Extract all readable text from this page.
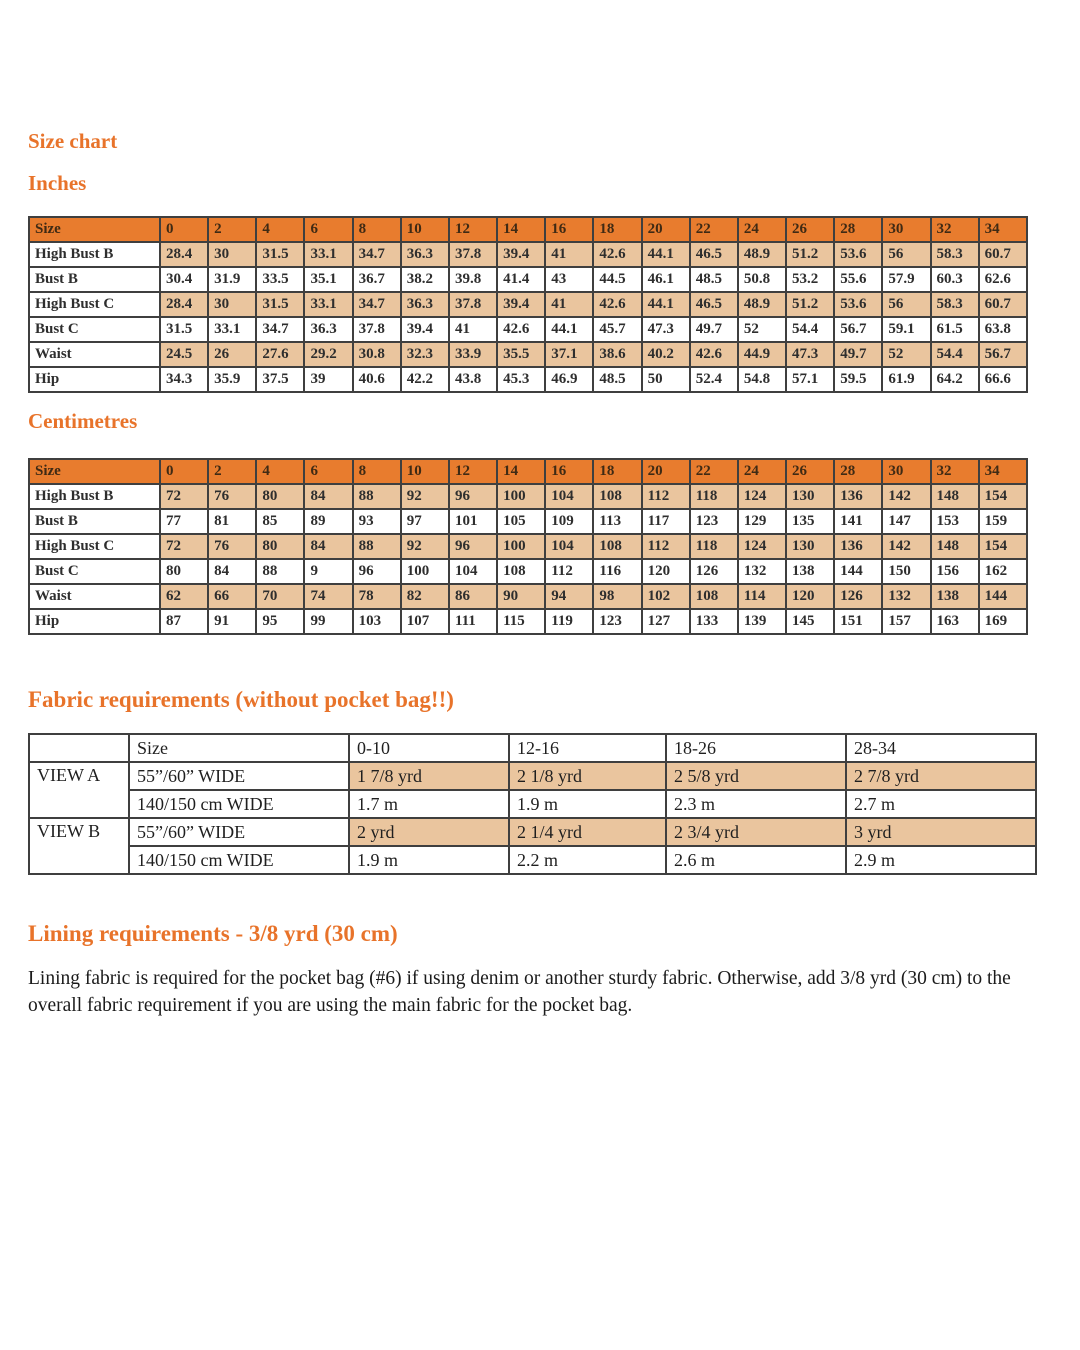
Size chart
Inches
Size	0	2	4	6	8	10	12	14	16	18	20	22	24	26	28	30	32	34
High Bust B	28.4	30	31.5	33.1	34.7	36.3	37.8	39.4	41	42.6	44.1	46.5	48.9	51.2	53.6	56	58.3	60.7
Bust B	30.4	31.9	33.5	35.1	36.7	38.2	39.8	41.4	43	44.5	46.1	48.5	50.8	53.2	55.6	57.9	60.3	62.6
High Bust C	28.4	30	31.5	33.1	34.7	36.3	37.8	39.4	41	42.6	44.1	46.5	48.9	51.2	53.6	56	58.3	60.7
Bust C	31.5	33.1	34.7	36.3	37.8	39.4	41	42.6	44.1	45.7	47.3	49.7	52	54.4	56.7	59.1	61.5	63.8
Waist	24.5	26	27.6	29.2	30.8	32.3	33.9	35.5	37.1	38.6	40.2	42.6	44.9	47.3	49.7	52	54.4	56.7
Hip	34.3	35.9	37.5	39	40.6	42.2	43.8	45.3	46.9	48.5	50	52.4	54.8	57.1	59.5	61.9	64.2	66.6
Centimetres
Size	0	2	4	6	8	10	12	14	16	18	20	22	24	26	28	30	32	34
High Bust B	72	76	80	84	88	92	96	100	104	108	112	118	124	130	136	142	148	154
Bust B	77	81	85	89	93	97	101	105	109	113	117	123	129	135	141	147	153	159
High Bust C	72	76	80	84	88	92	96	100	104	108	112	118	124	130	136	142	148	154
Bust C	80	84	88	9	96	100	104	108	112	116	120	126	132	138	144	150	156	162
Waist	62	66	70	74	78	82	86	90	94	98	102	108	114	120	126	132	138	144
Hip	87	91	95	99	103	107	111	115	119	123	127	133	139	145	151	157	163	169
Fabric requirements (without pocket bag!!)
	Size	0-10	12-16	18-26	28-34
VIEW A	55”/60” WIDE	1 7/8 yrd	2 1/8 yrd	2 5/8 yrd	2 7/8 yrd
	140/150 cm WIDE	1.7 m	1.9 m	2.3 m	2.7 m
VIEW B	55”/60” WIDE	2 yrd	2 1/4 yrd	2 3/4 yrd	3 yrd
	140/150 cm WIDE	1.9 m	2.2 m	2.6 m	2.9 m
Lining requirements - 3/8 yrd (30 cm)

Lining fabric is required for the pocket bag (#6) if using denim or another sturdy fabric. Otherwise, add 3/8 yrd (30 cm) to the overall fabric requirement if you are using the main fabric for the pocket bag.
